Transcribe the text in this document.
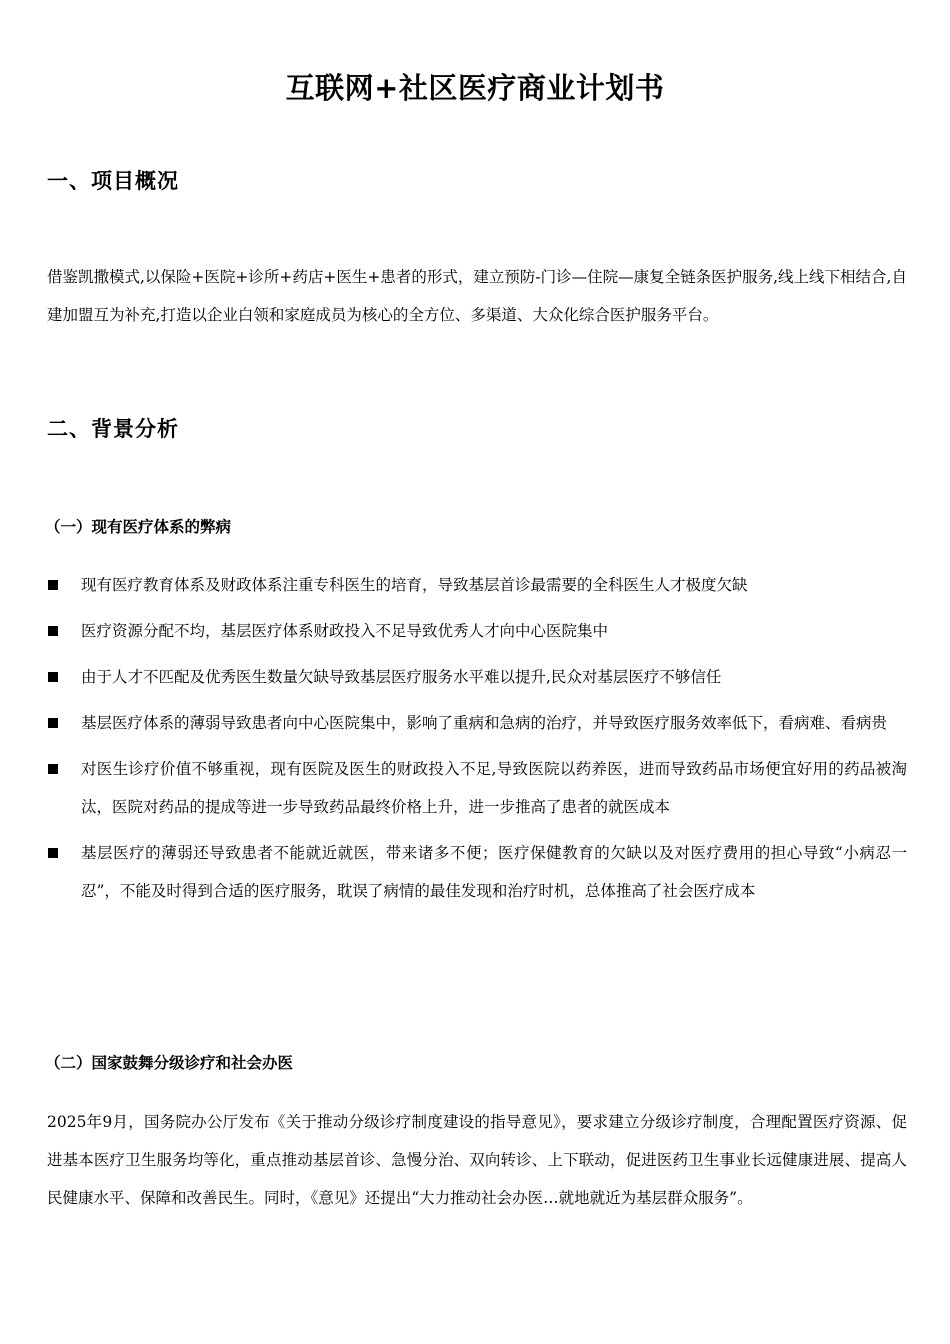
互联网+社区医疗商业计划书
一、项目概况
借鉴凯撒模式,以保险+医院+诊所+药店+医生+患者的形式，建立预防-门诊—住院—康复全链条医护服务,线上线下相结合,自建加盟互为补充,打造以企业白领和家庭成员为核心的全方位、多渠道、大众化综合医护服务平台。
二、背景分析
（一）现有医疗体系的弊病
现有医疗教育体系及财政体系注重专科医生的培育，导致基层首诊最需要的全科医生人才极度欠缺
医疗资源分配不均，基层医疗体系财政投入不足导致优秀人才向中心医院集中
由于人才不匹配及优秀医生数量欠缺导致基层医疗服务水平难以提升,民众对基层医疗不够信任
基层医疗体系的薄弱导致患者向中心医院集中，影响了重病和急病的治疗，并导致医疗服务效率低下，看病难、看病贵
对医生诊疗价值不够重视，现有医院及医生的财政投入不足,导致医院以药养医，进而导致药品市场便宜好用的药品被淘汰，医院对药品的提成等进一步导致药品最终价格上升，进一步推高了患者的就医成本
基层医疗的薄弱还导致患者不能就近就医，带来诸多不便；医疗保健教育的欠缺以及对医疗费用的担心导致“小病忍一忍”，不能及时得到合适的医疗服务，耽误了病情的最佳发现和治疗时机，总体推高了社会医疗成本
（二）国家鼓舞分级诊疗和社会办医
2025年9月，国务院办公厅发布《关于推动分级诊疗制度建设的指导意见》，要求建立分级诊疗制度，合理配置医疗资源、促进基本医疗卫生服务均等化，重点推动基层首诊、急慢分治、双向转诊、上下联动，促进医药卫生事业长远健康进展、提高人民健康水平、保障和改善民生。同时，《意见》还提出“大力推动社会办医…就地就近为基层群众服务”。
